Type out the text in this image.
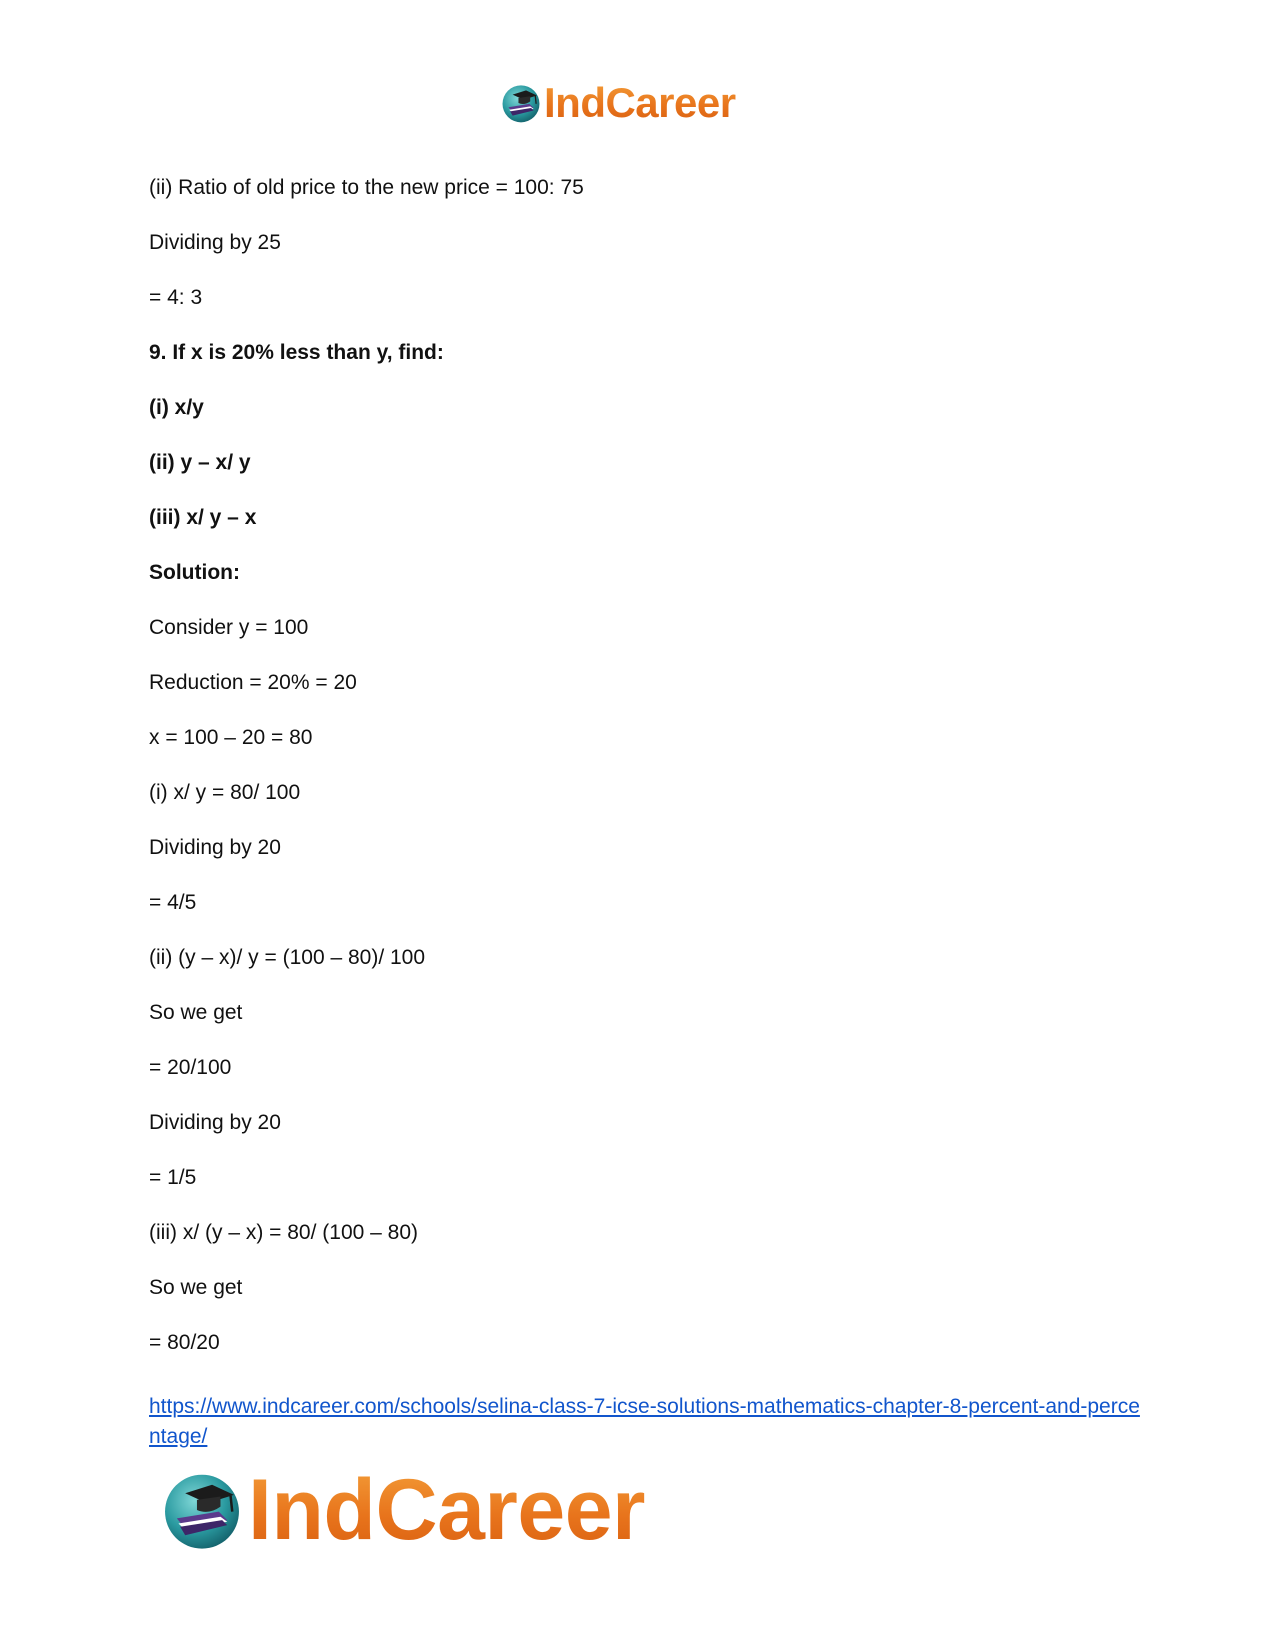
IndCareer
(ii) Ratio of old price to the new price = 100: 75
Dividing by 25
= 4: 3
9. If x is 20% less than y, find:
(i) x/y
(ii) y – x/ y
(iii) x/ y – x
Solution:
Consider y = 100
Reduction = 20% = 20
x = 100 – 20 = 80
(i) x/ y = 80/ 100
Dividing by 20
= 4/5
(ii) (y – x)/ y = (100 – 80)/ 100
So we get
= 20/100
Dividing by 20
= 1/5
(iii) x/ (y – x) = 80/ (100 – 80)
So we get
= 80/20
https://www.indcareer.com/schools/selina-class-7-icse-solutions-mathematics-chapter-8-percent-and-percentage/
IndCareer
